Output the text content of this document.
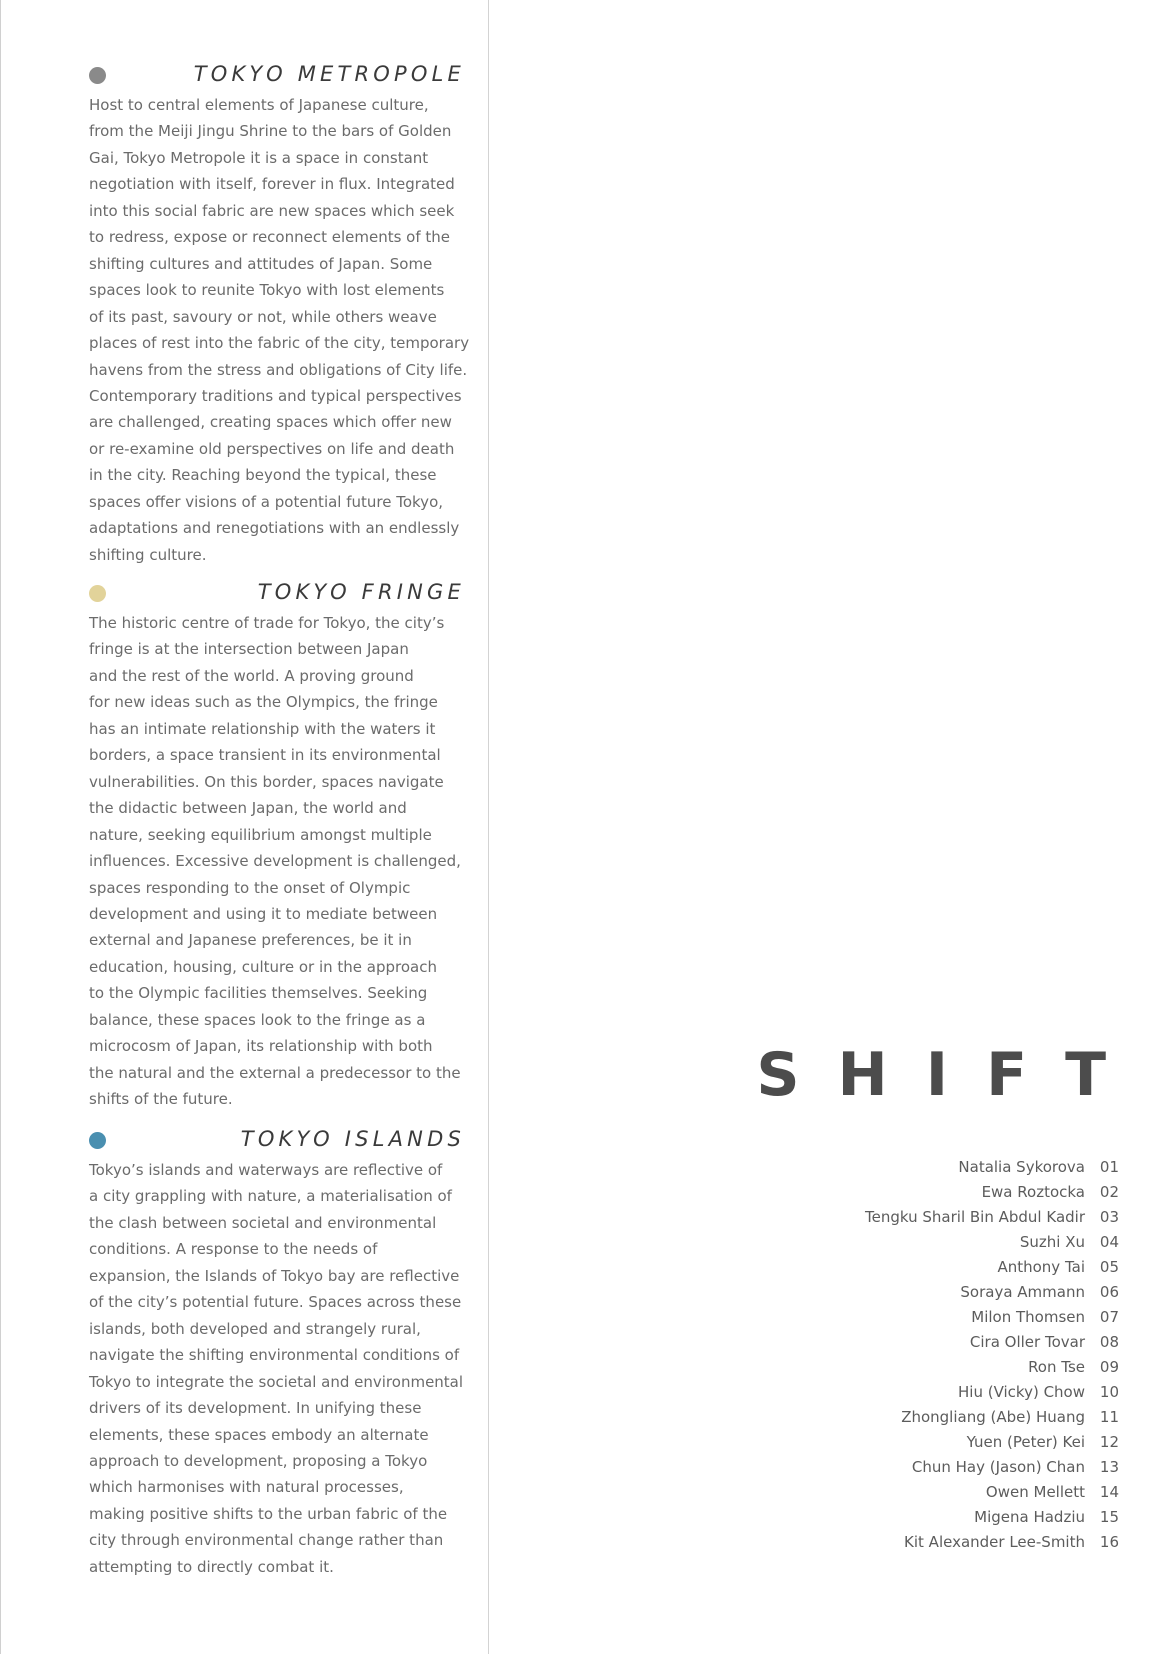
TOKYO METROPOLE

Host to central elements of Japanese culture,
from the Meiji Jingu Shrine to the bars of Golden
Gai, Tokyo Metropole it is a space in constant
negotiation with itself, forever in flux. Integrated
into this social fabric are new spaces which seek
to redress, expose or reconnect elements of the
shifting cultures and attitudes of Japan. Some
spaces look to reunite Tokyo with lost elements
of its past, savoury or not, while others weave
places of rest into the fabric of the city, temporary
havens from the stress and obligations of City life.
Contemporary traditions and typical perspectives
are challenged, creating spaces which offer new
or re-examine old perspectives on life and death
in the city. Reaching beyond the typical, these
spaces offer visions of a potential future Tokyo,
adaptations and renegotiations with an endlessly
shifting culture.

TOKYO FRINGE

The historic centre of trade for Tokyo, the city’s
fringe is at the intersection between Japan
and the rest of the world. A proving ground
for new ideas such as the Olympics, the fringe
has an intimate relationship with the waters it
borders, a space transient in its environmental
vulnerabilities. On this border, spaces navigate
the didactic between Japan, the world and
nature, seeking equilibrium amongst multiple
influences. Excessive development is challenged,
spaces responding to the onset of Olympic
development and using it to mediate between
external and Japanese preferences, be it in
education, housing, culture or in the approach
to the Olympic facilities themselves. Seeking
balance, these spaces look to the fringe as a
microcosm of Japan, its relationship with both
the natural and the external a predecessor to the
shifts of the future.

TOKYO ISLANDS

Tokyo’s islands and waterways are reflective of
a city grappling with nature, a materialisation of
the clash between societal and environmental
conditions. A response to the needs of
expansion, the Islands of Tokyo bay are reflective
of the city’s potential future. Spaces across these
islands, both developed and strangely rural,
navigate the shifting environmental conditions of
Tokyo to integrate the societal and environmental
drivers of its development. In unifying these
elements, these spaces embody an alternate
approach to development, proposing a Tokyo
which harmonises with natural processes,
making positive shifts to the urban fabric of the
city through environmental change rather than
attempting to directly combat it.

SHIFT
Natalia Sykorova 01
Ewa Roztocka 02
Tengku Sharil Bin Abdul Kadir 03
Suzhi Xu 04
Anthony Tai 05
Soraya Ammann 06
Milon Thomsen 07
Cira Oller Tovar 08
Ron Tse 09
Hiu (Vicky) Chow 10
Zhongliang (Abe) Huang 11
Yuen (Peter) Kei 12
Chun Hay (Jason) Chan 13
Owen Mellett 14
Migena Hadziu 15
Kit Alexander Lee-Smith 16
